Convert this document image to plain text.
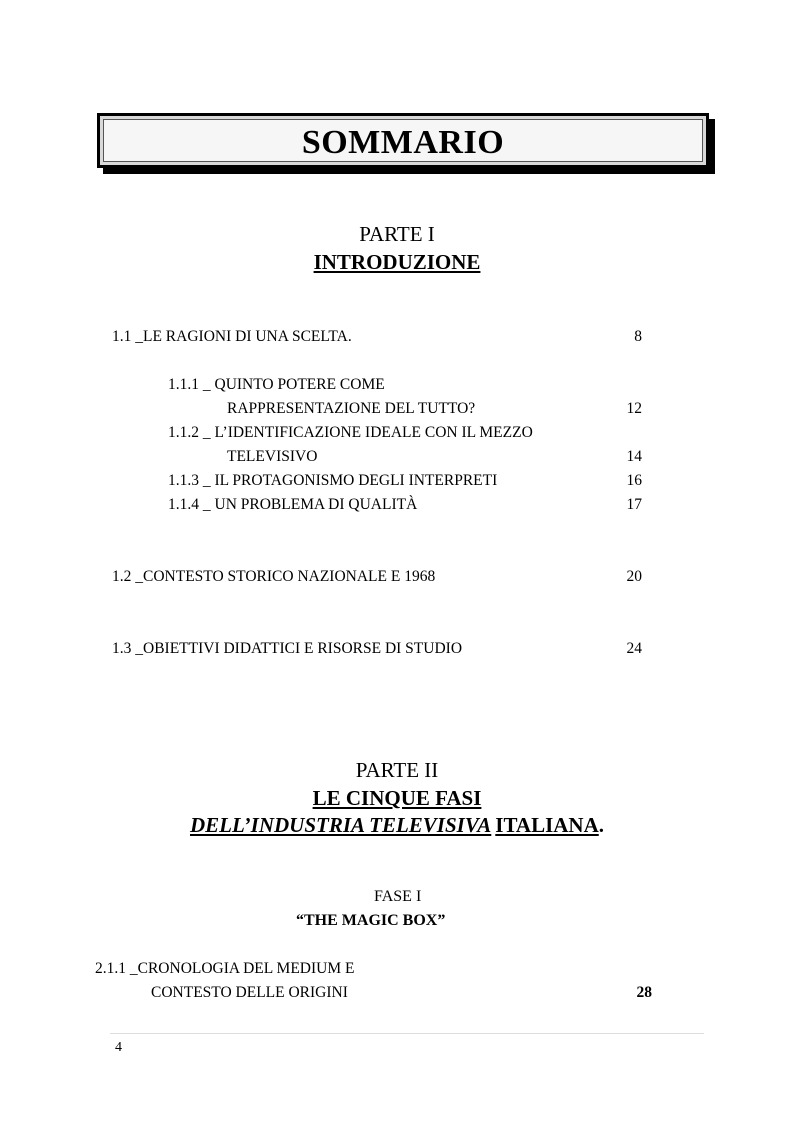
SOMMARIO
PARTE I
INTRODUZIONE
1.1 _LE RAGIONI DI UNA SCELTA.	8
1.1.1 _ QUINTO POTERE COME
RAPPRESENTAZIONE DEL TUTTO?	12
1.1.2 _ L’IDENTIFICAZIONE IDEALE CON IL MEZZO
TELEVISIVO	14
1.1.3 _ IL PROTAGONISMO DEGLI INTERPRETI	16
1.1.4 _ UN PROBLEMA DI QUALITÀ	17
1.2 _CONTESTO STORICO NAZIONALE E 1968	20
1.3 _OBIETTIVI DIDATTICI E RISORSE DI STUDIO	24
PARTE II
LE CINQUE FASI
DELL’INDUSTRIA TELEVISIVA ITALIANA.
FASE I
“THE MAGIC BOX”
2.1.1 _CRONOLOGIA DEL MEDIUM E
CONTESTO DELLE ORIGINI	28
4
